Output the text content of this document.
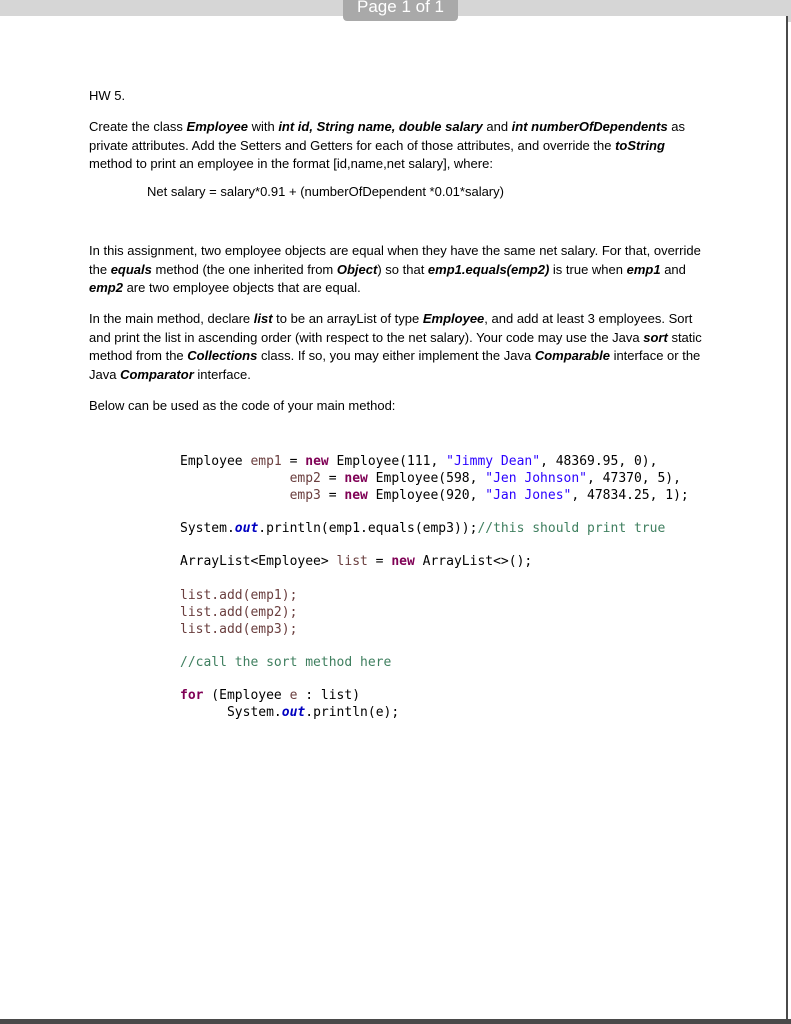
Page 1 of 1
HW 5.
Create the class Employee with int id, String name, double salary and int numberOfDependents as private attributes. Add the Setters and Getters for each of those attributes, and override the toString method to print an employee in the format [id,name,net salary], where:
Net salary = salary*0.91 + (numberOfDependent *0.01*salary)
In this assignment, two employee objects are equal when they have the same net salary. For that, override the equals method (the one inherited from Object) so that emp1.equals(emp2) is true when emp1 and emp2 are two employee objects that are equal.
In the main method, declare list to be an arrayList of type Employee, and add at least 3 employees. Sort and print the list in ascending order (with respect to the net salary). Your code may use the Java sort static method from the Collections class. If so, you may either implement the Java Comparable interface or the Java Comparator interface.
Below can be used as the code of your main method:
Employee emp1 = new Employee(111, "Jimmy Dean", 48369.95, 0),
emp2 = new Employee(598, "Jen Johnson", 47370, 5),
emp3 = new Employee(920, "Jan Jones", 47834.25, 1);
System.out.println(emp1.equals(emp3));//this should print true
ArrayList<Employee> list = new ArrayList<>();
list.add(emp1);
list.add(emp2);
list.add(emp3);
//call the sort method here
for (Employee e : list)
System.out.println(e);
